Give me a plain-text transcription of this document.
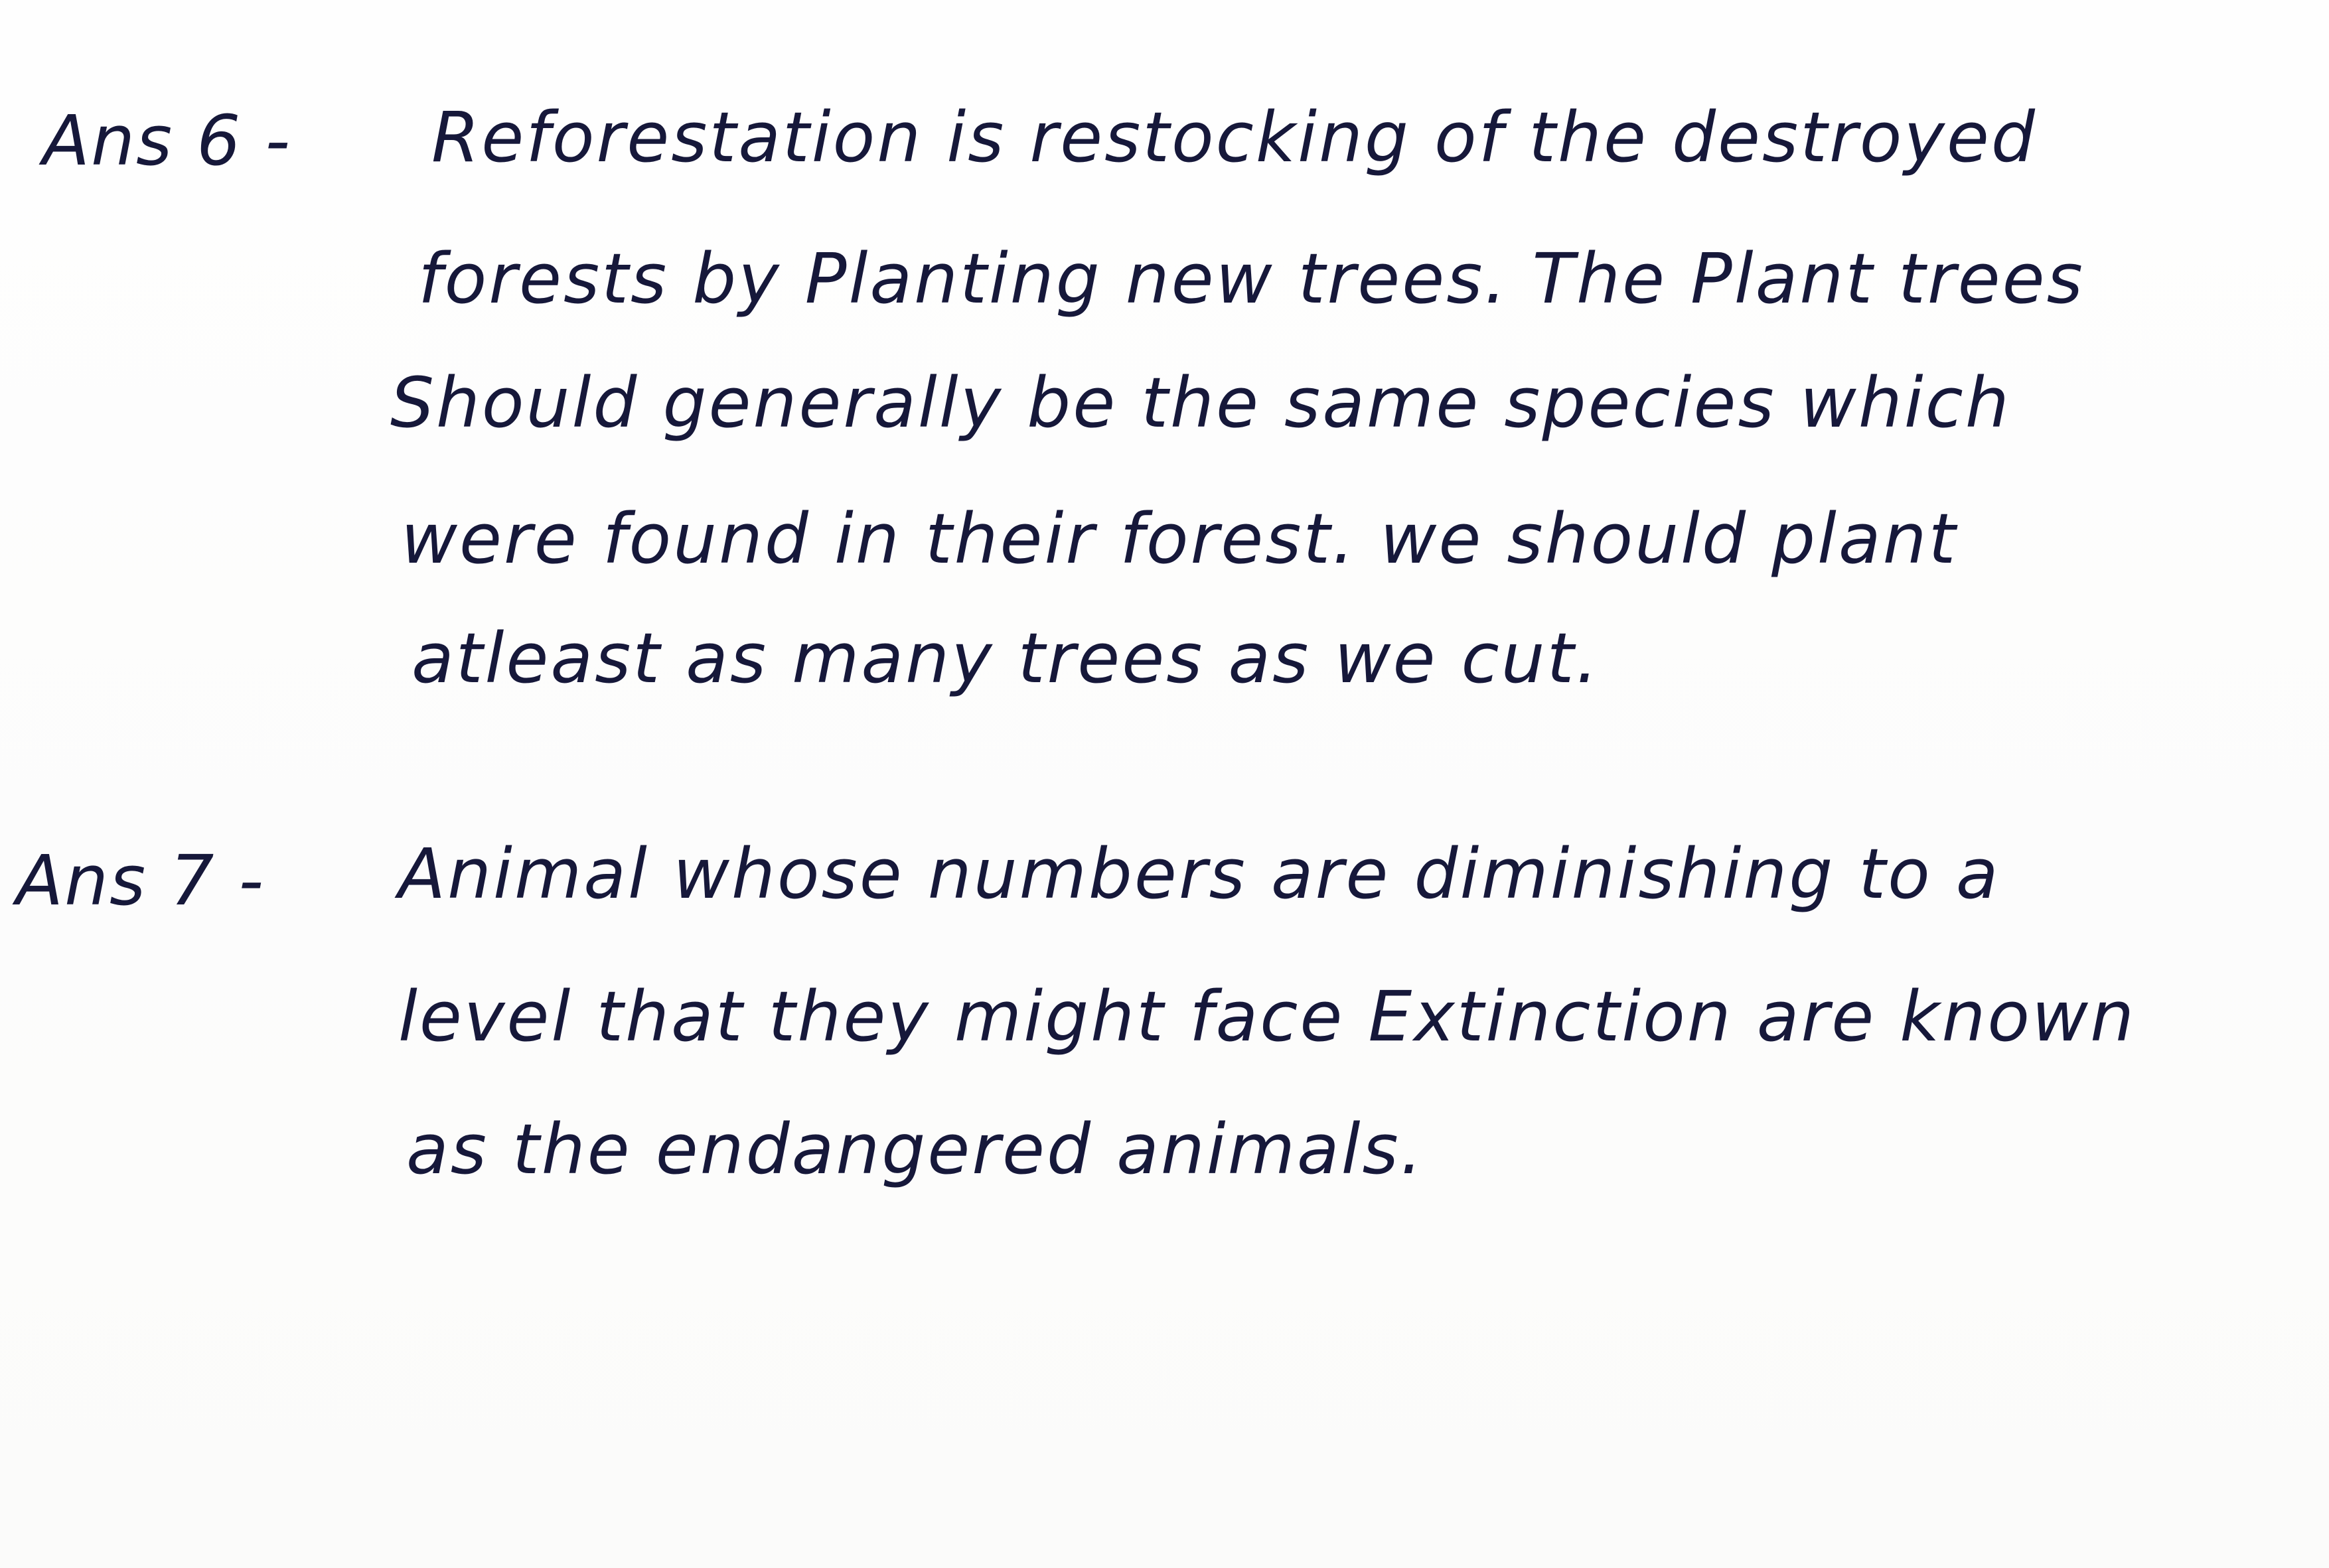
Ans 6 - Reforestation is restocking of the destroyed
forests by Planting new trees. The Plant trees
Should generally be the same species which
were found in their forest. we should plant
atleast as many trees as we cut.
Ans 7 - Animal whose numbers are diminishing to a
level that they might face Extinction are known
as the endangered animals.
